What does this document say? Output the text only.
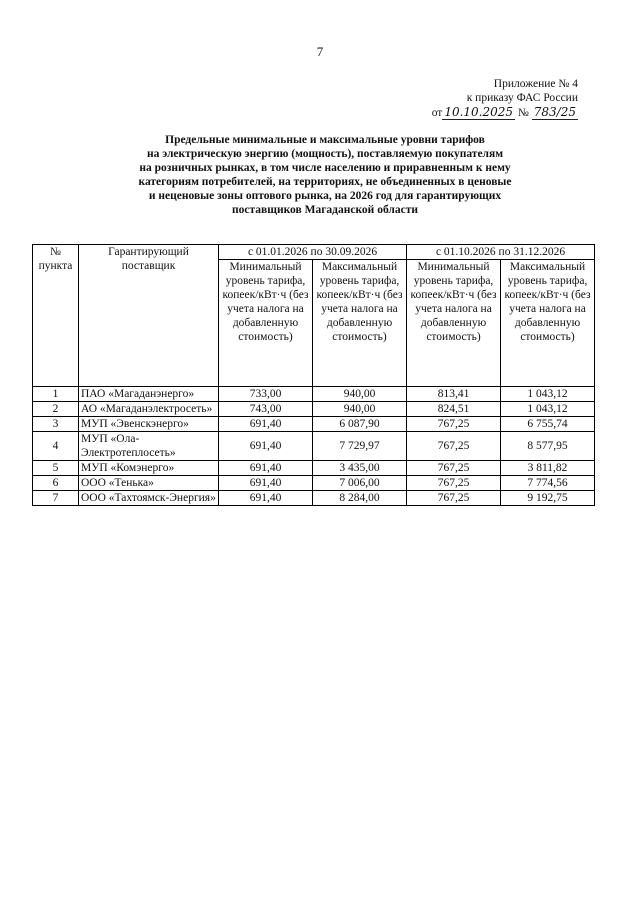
7
Приложение № 4
к приказу ФАС России
от 10.10.2025 № 783/25
Предельные минимальные и максимальные уровни тарифов
на электрическую энергию (мощность), поставляемую покупателям
на розничных рынках, в том числе населению и приравненным к нему
категориям потребителей, на территориях, не объединенных в ценовые
и неценовые зоны оптового рынка, на 2026 год для гарантирующих
поставщиков Магаданской области
№ пункта	Гарантирующий поставщик	с 01.01.2026 по 30.09.2026		с 01.10.2026 по 31.12.2026	
		Минимальный уровень тарифа, копеек/кВт·ч (без учета налога на добавленную стоимость)	Максимальный уровень тарифа, копеек/кВт·ч (без учета налога на добавленную стоимость)	Минимальный уровень тарифа, копеек/кВт·ч (без учета налога на добавленную стоимость)	Максимальный уровень тарифа, копеек/кВт·ч (без учета налога на добавленную стоимость)
1	ПАО «Магаданэнерго»	733,00	940,00	813,41	1 043,12
2	АО «Магаданэлектросеть»	743,00	940,00	824,51	1 043,12
3	МУП «Эвенскэнерго»	691,40	6 087,90	767,25	6 755,74
4	МУП «Ола-Электротеплосеть»	691,40	7 729,97	767,25	8 577,95
5	МУП «Комэнерго»	691,40	3 435,00	767,25	3 811,82
6	ООО «Тенька»	691,40	7 006,00	767,25	7 774,56
7	ООО «Тахтоямск-Энергия»	691,40	8 284,00	767,25	9 192,75
